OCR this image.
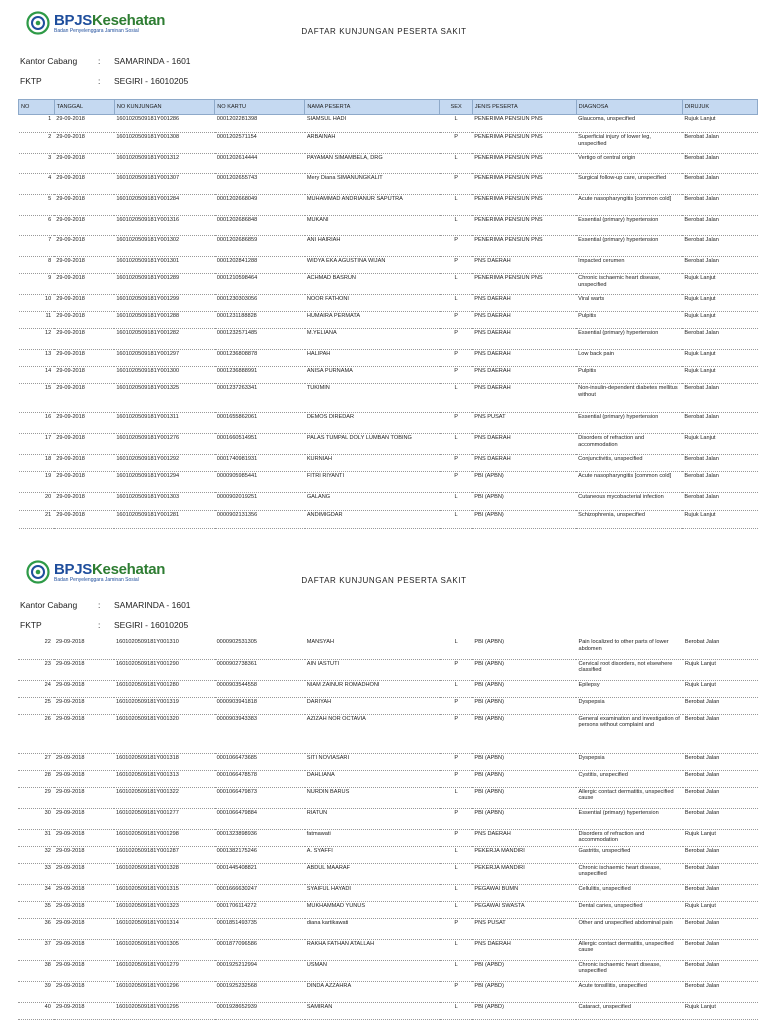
BPJSKesehatan
Badan Penyelenggara Jaminan Sosial	DAFTAR KUNJUNGAN PESERTA SAKIT
Kantor Cabang : SAMARINDA - 1601
FKTP	: SEGIRI - 16010205
NO	TANGGAL	NO KUNJUNGAN	NO KARTU	NAMA PESERTA	SEX	JENIS PESERTA	DIAGNOSA	DIRUJUK
1	29-09-2018	1601020509181Y001286	0001202281398	SIAMSUL HADI	L	PENERIMA PENSIUN PNS	Glaucoma, unspecified	Rujuk Lanjut
2	29-09-2018	1601020509181Y001308	0001202571154	ARBAINAH	P	PENERIMA PENSIUN PNS	Superficial injury of lower leg, unspecified	Berobat Jalan
3	29-09-2018	1601020509181Y001312	0001202614444	PAYAMAN SIMAMBELA, DRG	L	PENERIMA PENSIUN PNS	Vertigo of central origin	Berobat Jalan
4	29-09-2018	1601020509181Y001307	0001202655743	Mery Diana SIMANUNGKALIT	P	PENERIMA PENSIUN PNS	Surgical follow-up care, unspecified	Berobat Jalan
5	29-09-2018	1601020509181Y001284	0001202668049	MUHAMMAD ANDRIANUR SAPUTRA	L	PENERIMA PENSIUN PNS	Acute nasopharyngitis [common cold]	Berobat Jalan
6	29-09-2018	1601020509181Y001316	0001202686848	MUKANI	L	PENERIMA PENSIUN PNS	Essential (primary) hypertension	Berobat Jalan
7	29-09-2018	1601020509181Y001302	0001202686859	ANI HAIRIAH	P	PENERIMA PENSIUN PNS	Essential (primary) hypertension	Berobat Jalan
8	29-09-2018	1601020509181Y001301	0001202841288	WIDYA EKA AGUSTINA WIJAN	P	PNS DAERAH	Impacted cerumen	Berobat Jalan
9	29-09-2018	1601020509181Y001289	0001210598464	ACHMAD BASRUN	L	PENERIMA PENSIUN PNS	Chronic ischaemic heart disease, unspecified	Rujuk Lanjut
10	29-09-2018	1601020509181Y001299	0001230303056	NOOR FATHONI	L	PNS DAERAH	Viral warts	Rujuk Lanjut
11	29-09-2018	1601020509181Y001288	0001231188828	HUMAIRA PERMATA	P	PNS DAERAH	Pulpitis	Rujuk Lanjut
12	29-09-2018	1601020509181Y001282	0001232571485	M.YELIANA	P	PNS DAERAH	Essential (primary) hypertension	Berobat Jalan
13	29-09-2018	1601020509181Y001297	0001236808878	HALIPAH	P	PNS DAERAH	Low back pain	Rujuk Lanjut
14	29-09-2018	1601020509181Y001300	0001236888991	ANISA PURNAMA	P	PNS DAERAH	Pulpitis	Rujuk Lanjut
15	29-09-2018	1601020509181Y001325	0001237263341	TUKIMIN	L	PNS DAERAH	Non-insulin-dependent diabetes mellitus without	Berobat Jalan
16	29-09-2018	1601020509181Y001311	0001655862061	DEMOS DIREDAR	P	PNS PUSAT	Essential (primary) hypertension	Berobat Jalan
17	29-09-2018	1601020509181Y001276	0001660514951	PALAS TUMPAL DOLY LUMBAN TOBING	L	PNS DAERAH	Disorders of refraction and accommodation	Rujuk Lanjut
18	29-09-2018	1601020509181Y001292	0001740981931	KURNIAH	P	PNS DAERAH	Conjunctivitis, unspecified	Berobat Jalan
19	29-09-2018	1601020509181Y001294	0000905985441	FITRI RIYANTI	P	PBI (APBN)	Acute nasopharyngitis [common cold]	Berobat Jalan
20	29-09-2018	1601020509181Y001303	0000902019251	GALANG	L	PBI (APBN)	Cutaneous mycobacterial infection	Berobat Jalan
21	29-09-2018	1601020509181Y001281	0000902131356	ANDIMIGDAR	L	PBI (APBN)	Schizophrenia, unspecified	Rujuk Lanjut
BPJSKesehatan
Badan Penyelenggara Jaminan Sosial	DAFTAR KUNJUNGAN PESERTA SAKIT
Kantor Cabang : SAMARINDA - 1601
FKTP	: SEGIRI - 16010205
22	29-09-2018	1601020509181Y001310	0000902531305	MANSYAH	L	PBI (APBN)	Pain localized to other parts of lower abdomen	Berobat Jalan
23	29-09-2018	1601020509181Y001290	0000902738361	AIN IASTUTI	P	PBI (APBN)	Cervical root disorders, not elsewhere classified	Rujuk Lanjut
24	29-09-2018	1601020509181Y001280	0000903544558	NIAM ZAINUR ROMADHONI	L	PBI (APBN)	Epilepsy	Rujuk Lanjut
25	29-09-2018	1601020509181Y001319	0000903941818	DARIYAH	P	PBI (APBN)	Dyspepsia	Berobat Jalan
26	29-09-2018	1601020509181Y001320	0000903943383	AZIZAH NOR OCTAVIA	P	PBI (APBN)	General examination and investigation of persons without complaint and	Berobat Jalan
27	29-09-2018	1601020509181Y001318	0001066473685	SITI NOVIASARI	P	PBI (APBN)	Dyspepsia	Berobat Jalan
28	29-09-2018	1601020509181Y001313	0001066478578	DAHLIANA	P	PBI (APBN)	Cystitis, unspecified	Berobat Jalan
29	29-09-2018	1601020509181Y001322	0001066479873	NURDIN BARUS	L	PBI (APBN)	Allergic contact dermatitis, unspecified cause	Berobat Jalan
30	29-09-2018	1601020509181Y001277	0001066479884	RIATUN	P	PBI (APBN)	Essential (primary) hypertension	Berobat Jalan
31	29-09-2018	1601020509181Y001298	0001323898936	fatmawati	P	PNS DAERAH	Disorders of refraction and accommodation	Rujuk Lanjut
32	29-09-2018	1601020509181Y001287	0001382175246	A. SYAFFI	L	PEKERJA MANDIRI	Gastritis, unspecified	Berobat Jalan
33	29-09-2018	1601020509181Y001328	0001445408821	ABDUL MAARAF	L	PEKERJA MANDIRI	Chronic ischaemic heart disease, unspecified	Berobat Jalan
34	29-09-2018	1601020509181Y001315	0001666630247	SYAIFUL HAYADI	L	PEGAWAI BUMN	Cellulitis, unspecified	Berobat Jalan
35	29-09-2018	1601020509181Y001323	0001706114272	MUKHAMMAD YUNUS	L	PEGAWAI SWASTA	Dental caries, unspecified	Rujuk Lanjut
36	29-09-2018	1601020509181Y001314	0001851493735	diana kartikawati	P	PNS PUSAT	Other and unspecified abdominal pain	Berobat Jalan
37	29-09-2018	1601020509181Y001305	0001877096586	RAKHA FATHAN ATALLAH	L	PNS DAERAH	Allergic contact dermatitis, unspecified cause	Berobat Jalan
38	29-09-2018	1601020509181Y001279	0001925212994	USMAN	L	PBI (APBD)	Chronic ischaemic heart disease, unspecified	Berobat Jalan
39	29-09-2018	1601020509181Y001296	0001925232568	DINDA AZZAHRA	P	PBI (APBD)	Acute tonsillitis, unspecified	Berobat Jalan
40	29-09-2018	1601020509181Y001295	0001928652939	SAMIRAN	L	PBI (APBD)	Cataract, unspecified	Rujuk Lanjut
